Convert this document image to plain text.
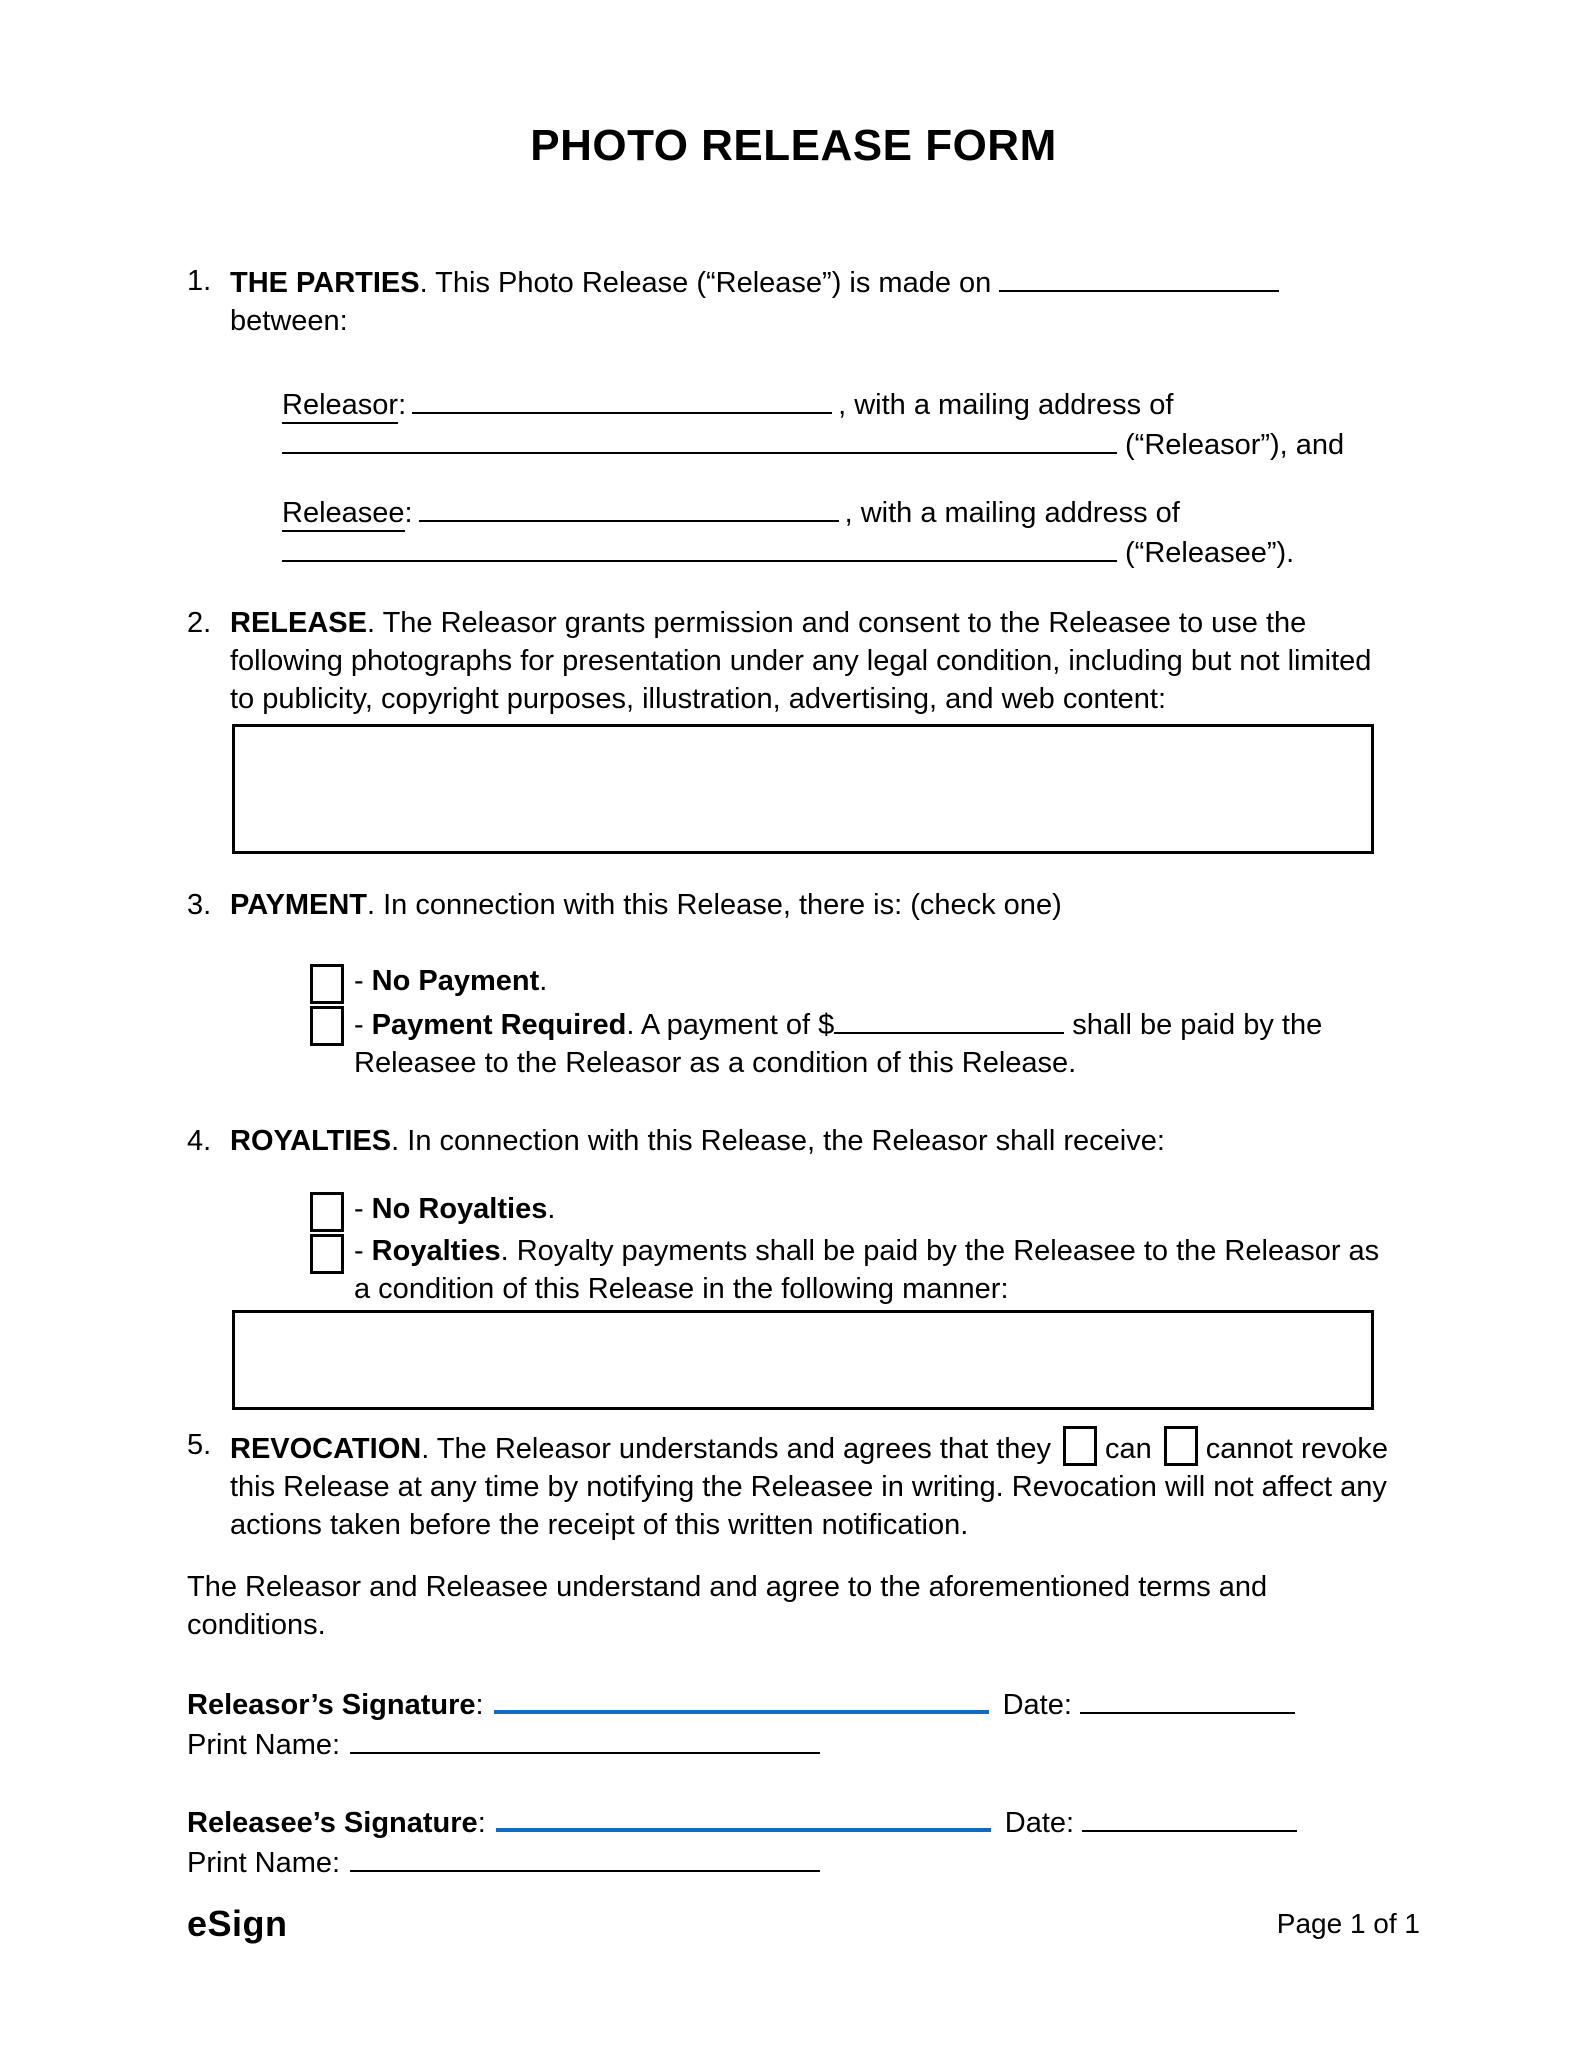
PHOTO RELEASE FORM
1. THE PARTIES. This Photo Release (“Release”) is made on
between:
Releasor:	, with a mailing address of
(“Releasor”), and
Releasee:	, with a mailing address of
(“Releasee”).
2. RELEASE. The Releasor grants permission and consent to the Releasee to use the following photographs for presentation under any legal condition, including but not limited to publicity, copyright purposes, illustration, advertising, and web content:
3. PAYMENT. In connection with this Release, there is: (check one)
- No Payment.
- Payment Required. A payment of $	shall be paid by the Releasee to the Releasor as a condition of this Release.
4. ROYALTIES. In connection with this Release, the Releasor shall receive:
- No Royalties.
- Royalties. Royalty payments shall be paid by the Releasee to the Releasor as a condition of this Release in the following manner:
5. REVOCATION. The Releasor understands and agrees that they can cannot revoke this Release at any time by notifying the Releasee in writing. Revocation will not affect any actions taken before the receipt of this written notification.
The Releasor and Releasee understand and agree to the aforementioned terms and conditions.
Releasor’s Signature:	Date:
Print Name:
Releasee’s Signature:	Date:
Print Name:
eSign	Page 1 of 1
